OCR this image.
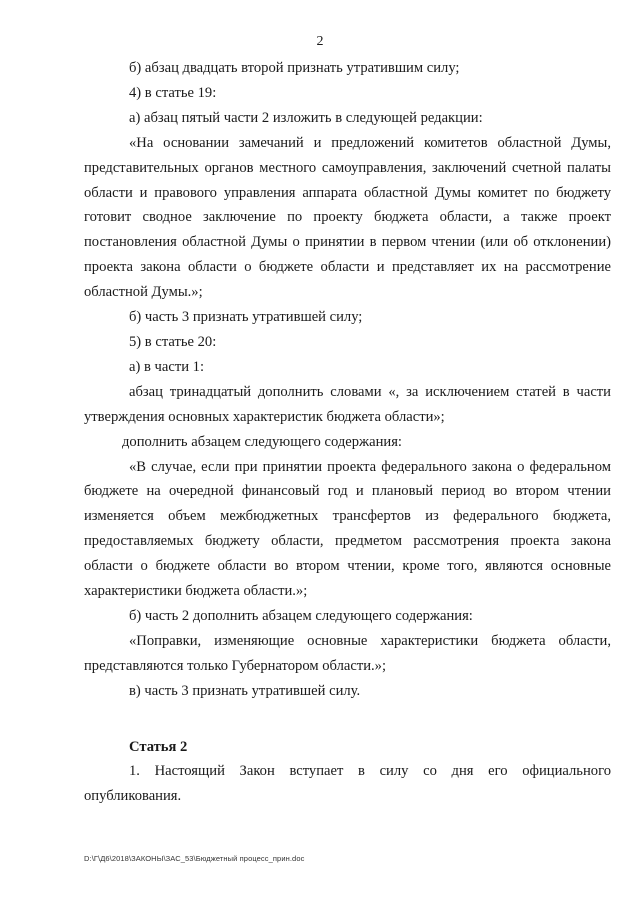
2

б) абзац двадцать второй признать утратившим силу;

4) в статье 19:

а) абзац пятый части 2 изложить в следующей редакции:

«На основании замечаний и предложений комитетов областной Думы, представительных органов местного самоуправления, заключений счетной палаты области и правового управления аппарата областной Думы комитет по бюджету готовит сводное заключение по проекту бюджета области, а также проект постановления областной Думы о принятии в первом чтении (или об отклонении) проекта закона области о бюджете области и представляет их на рассмотрение областной Думы.»;

б) часть 3 признать утратившей силу;

5) в статье 20:

а) в части 1:

абзац тринадцатый дополнить словами «, за исключением статей в части утверждения основных характеристик бюджета области»;

дополнить абзацем следующего содержания:

«В случае, если при принятии проекта федерального закона о федеральном бюджете на очередной финансовый год и плановый период во втором чтении изменяется объем межбюджетных трансфертов из федерального бюджета, предоставляемых бюджету области, предметом рассмотрения проекта закона области о бюджете области во втором чтении, кроме того, являются основные характеристики бюджета области.»;

б) часть 2 дополнить абзацем следующего содержания:

«Поправки, изменяющие основные характеристики бюджета области, представляются только Губернатором области.»;

в) часть 3 признать утратившей силу.

Статья 2

1. Настоящий Закон вступает в силу со дня его официального опубликования.

D:\Г\Д6\2018\ЗАКОНЫ\ЗАС_53\Бюджетный процесс_прин.doc
